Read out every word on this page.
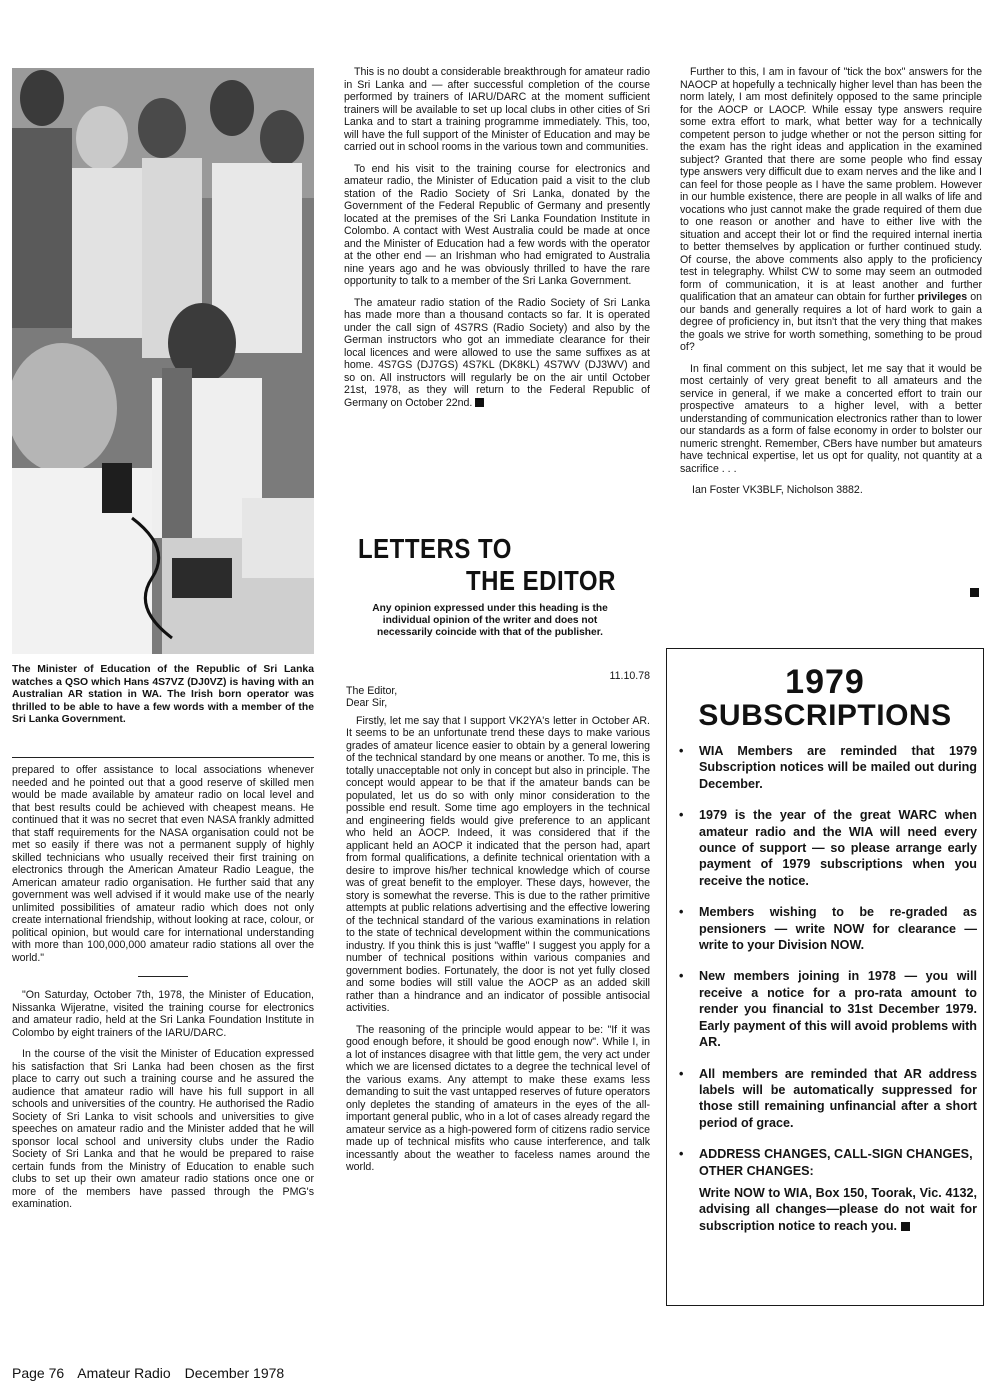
The Minister of Education of the Republic of Sri Lanka watches a QSO which Hans 4S7VZ (DJ0VZ) is having with an Australian AR station in WA. The Irish born operator was thrilled to be able to have a few words with a member of the Sri Lanka Government.

prepared to offer assistance to local associations whenever needed and he pointed out that a good reserve of skilled men would be made available by amateur radio on local level and that best results could be achieved with cheapest means. He continued that it was no secret that even NASA frankly admitted that staff requirements for the NASA organisation could not be met so easily if there was not a permanent supply of highly skilled technicians who usually received their first training on electronics through the American Amateur Radio League, the American amateur radio organisation. He further said that any government was well advised if it would make use of the nearly unlimited possibilities of amateur radio which does not only create international friendship, without looking at race, colour, or political opinion, but would care for international understanding with more than 100,000,000 amateur radio stations all over the world."

"On Saturday, October 7th, 1978, the Minister of Education, Nissanka Wijeratne, visited the training course for electronics and amateur radio, held at the Sri Lanka Foundation Institute in Colombo by eight trainers of the IARU/DARC.

In the course of the visit the Minister of Education expressed his satisfaction that Sri Lanka had been chosen as the first place to carry out such a training course and he assured the audience that amateur radio will have his full support in all schools and universities of the country. He authorised the Radio Society of Sri Lanka to visit schools and universities to give speeches on amateur radio and the Minister added that he will sponsor local school and university clubs under the Radio Society of Sri Lanka and that he would be prepared to raise certain funds from the Ministry of Education to enable such clubs to set up their own amateur radio stations once one or more of the members have passed through the PMG's examination.

This is no doubt a considerable breakthrough for amateur radio in Sri Lanka and — after successful completion of the course performed by trainers of IARU/DARC at the moment sufficient trainers will be available to set up local clubs in other cities of Sri Lanka and to start a training programme immediately. This, too, will have the full support of the Minister of Education and may be carried out in school rooms in the various town and communities.

To end his visit to the training course for electronics and amateur radio, the Minister of Education paid a visit to the club station of the Radio Society of Sri Lanka, donated by the Government of the Federal Republic of Germany and presently located at the premises of the Sri Lanka Foundation Institute in Colombo. A contact with West Australia could be made at once and the Minister of Education had a few words with the operator at the other end — an Irishman who had emigrated to Australia nine years ago and he was obviously thrilled to have the rare opportunity to talk to a member of the Sri Lanka Government.

The amateur radio station of the Radio Society of Sri Lanka has made more than a thousand contacts so far. It is operated under the call sign of 4S7RS (Radio Society) and also by the German instructors who got an immediate clearance for their local licences and were allowed to use the same suffixes as at home. 4S7GS (DJ7GS) 4S7KL (DK8KL) 4S7WV (DJ3WV) and so on. All instructors will regularly be on the air until October 21st, 1978, as they will return to the Federal Republic of Germany on October 22nd.

LETTERS TO
THE EDITOR
Any opinion expressed under this heading is the individual opinion of the writer and does not necessarily coincide with that of the publisher.
11.10.78
The Editor,
Dear Sir,

Firstly, let me say that I support VK2YA's letter in October AR. It seems to be an unfortunate trend these days to make various grades of amateur licence easier to obtain by a general lowering of the technical standard by one means or another. To me, this is totally unacceptable not only in concept but also in principle. The concept would appear to be that if the amateur bands can be populated, let us do so with only minor consideration to the possible end result. Some time ago employers in the technical and engineering fields would give preference to an applicant who held an AOCP. Indeed, it was considered that if the applicant held an AOCP it indicated that the person had, apart from formal qualifications, a definite technical orientation with a desire to improve his/her technical knowledge which of course was of great benefit to the employer. These days, however, the story is somewhat the reverse. This is due to the rather primitive attempts at public relations advertising and the effective lowering of the technical standard of the various examinations in relation to the state of technical development within the communications industry. If you think this is just "waffle" I suggest you apply for a number of technical positions within various companies and government bodies. Fortunately, the door is not yet fully closed and some bodies will still value the AOCP as an added skill rather than a hindrance and an indicator of possible antisocial activities.

The reasoning of the principle would appear to be: "If it was good enough before, it should be good enough now". While I, in a lot of instances disagree with that little gem, the very act under which we are licensed dictates to a degree the technical level of the various exams. Any attempt to make these exams less demanding to suit the vast untapped reserves of future operators only depletes the standing of amateurs in the eyes of the all-important general public, who in a lot of cases already regard the amateur service as a high-powered form of citizens radio service made up of technical misfits who cause interference, and talk incessantly about the weather to faceless names around the world.

Further to this, I am in favour of "tick the box" answers for the NAOCP at hopefully a technically higher level than has been the norm lately, I am most definitely opposed to the same principle for the AOCP or LAOCP. While essay type answers require some extra effort to mark, what better way for a technically competent person to judge whether or not the person sitting for the exam has the right ideas and application in the examined subject? Granted that there are some people who find essay type answers very difficult due to exam nerves and the like and I can feel for those people as I have the same problem. However in our humble existence, there are people in all walks of life and vocations who just cannot make the grade required of them due to one reason or another and have to either live with the situation and accept their lot or find the required internal inertia to better themselves by application or further continued study. Of course, the above comments also apply to the proficiency test in telegraphy. Whilst CW to some may seem an outmoded form of communication, it is at least another and further qualification that an amateur can obtain for further privileges on our bands and generally requires a lot of hard work to gain a degree of proficiency in, but itsn't that the very thing that makes the goals we strive for worth something, something to be proud of?

In final comment on this subject, let me say that it would be most certainly of very great benefit to all amateurs and the service in general, if we make a concerted effort to train our prospective amateurs to a higher level, with a better understanding of communication electronics rather than to lower our standards as a form of false economy in order to bolster our numeric strenght. Remember, CBers have number but amateurs have technical expertise, let us opt for quality, not quantity at a sacrifice . . .

Ian Foster VK3BLF, Nicholson 3882.
1979
SUBSCRIPTIONS
• WIA Members are reminded that 1979 Subscription notices will be mailed out during December.
• 1979 is the year of the great WARC when amateur radio and the WIA will need every ounce of support — so please arrange early payment of 1979 subscriptions when you receive the notice.
• Members wishing to be re-graded as pensioners — write NOW for clearance — write to your Division NOW.
• New members joining in 1978 — you will receive a notice for a pro-rata amount to render you financial to 31st December 1979. Early payment of this will avoid problems with AR.
• All members are reminded that AR address labels will be automatically suppressed for those still remaining unfinancial after a short period of grace.
• ADDRESS CHANGES, CALL-SIGN CHANGES, OTHER CHANGES:
Write NOW to WIA, Box 150, Toorak, Vic. 4132, advising all changes—please do not wait for subscription notice to reach you.
Page 76 Amateur Radio December 1978
